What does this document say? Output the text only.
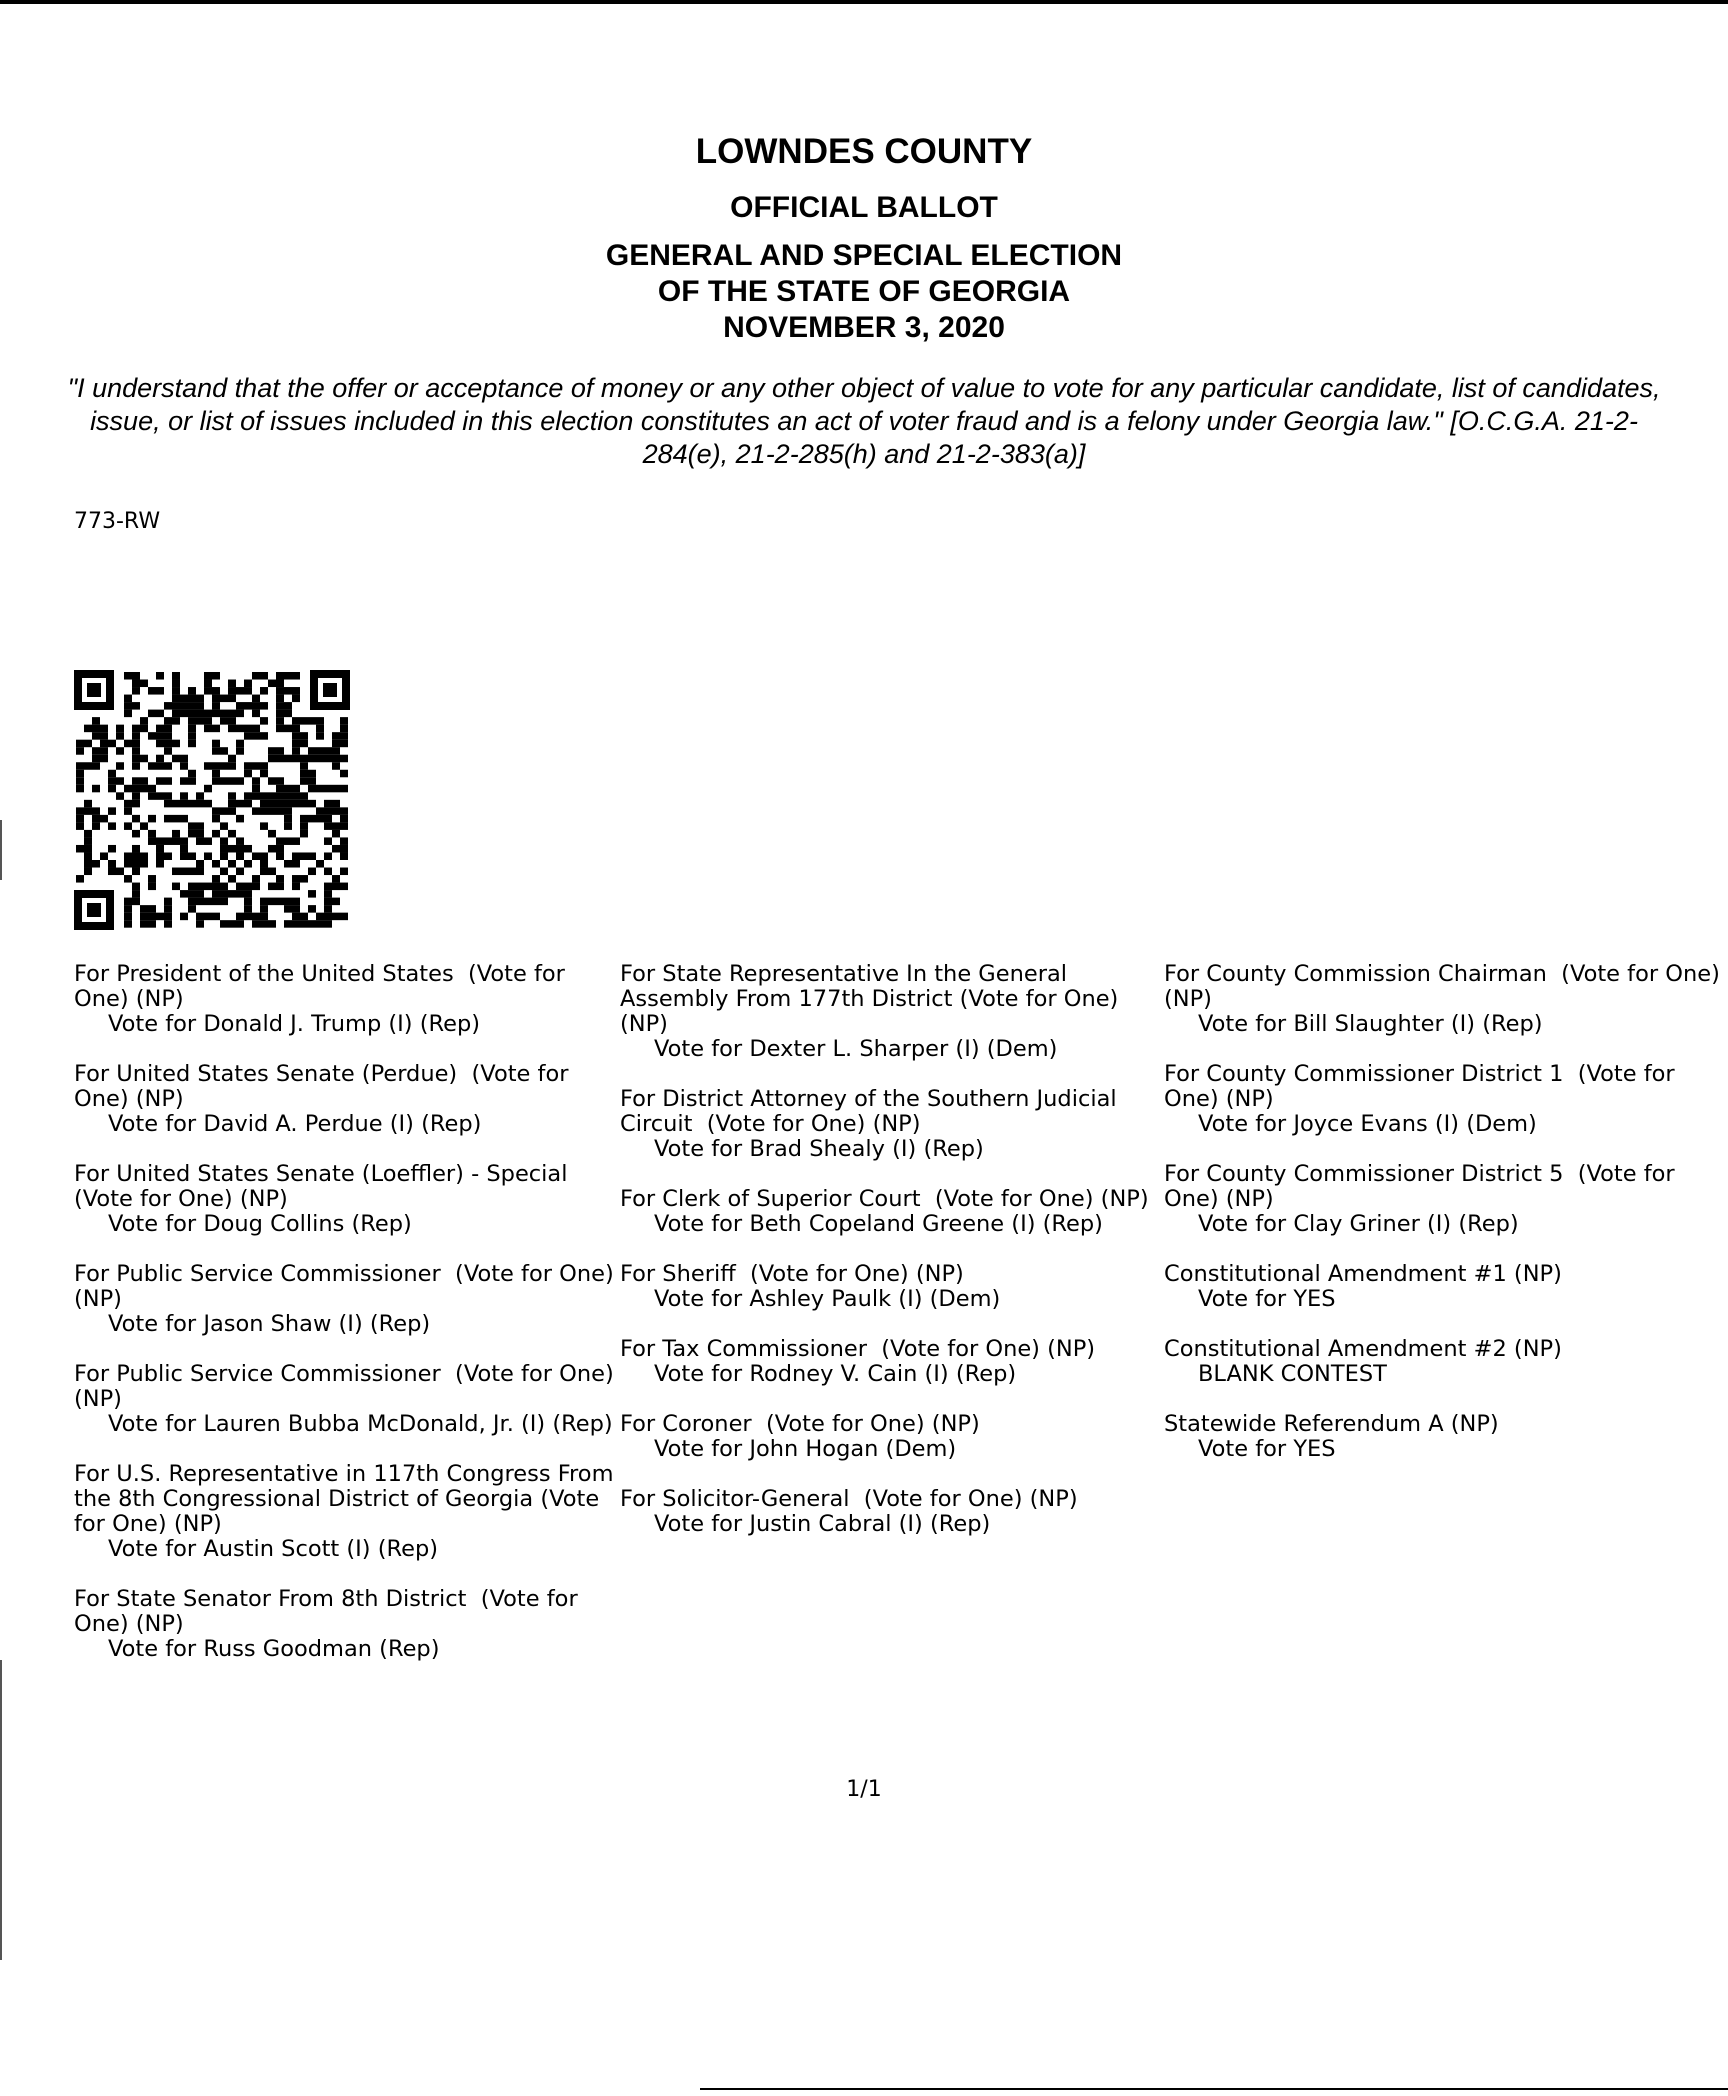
LOWNDES COUNTY
OFFICIAL BALLOT
GENERAL AND SPECIAL ELECTION
OF THE STATE OF GEORGIA
NOVEMBER 3, 2020
"I understand that the offer or acceptance of money or any other object of value to vote for any particular candidate, list of candidates, issue, or list of issues included in this election constitutes an act of voter fraud and is a felony under Georgia law." [O.C.G.A. 21-2-284(e), 21-2-285(h) and 21-2-383(a)]
773-RW
For President of the United States  (Vote for One) (NP)
Vote for Donald J. Trump (I) (Rep)
For United States Senate (Perdue)  (Vote for One) (NP)
Vote for David A. Perdue (I) (Rep)
For United States Senate (Loeffler) - Special  (Vote for One) (NP)
Vote for Doug Collins (Rep)
For Public Service Commissioner  (Vote for One) (NP)
Vote for Jason Shaw (I) (Rep)
For Public Service Commissioner  (Vote for One) (NP)
Vote for Lauren Bubba McDonald, Jr. (I) (Rep)
For U.S. Representative in 117th Congress From the 8th Congressional District of Georgia (Vote for One) (NP)
Vote for Austin Scott (I) (Rep)
For State Senator From 8th District  (Vote for One) (NP)
Vote for Russ Goodman (Rep)
For State Representative In the General Assembly From 177th District (Vote for One) (NP)
Vote for Dexter L. Sharper (I) (Dem)
For District Attorney of the Southern Judicial Circuit  (Vote for One) (NP)
Vote for Brad Shealy (I) (Rep)
For Clerk of Superior Court  (Vote for One) (NP)
Vote for Beth Copeland Greene (I) (Rep)
For Sheriff  (Vote for One) (NP)
Vote for Ashley Paulk (I) (Dem)
For Tax Commissioner  (Vote for One) (NP)
Vote for Rodney V. Cain (I) (Rep)
For Coroner  (Vote for One) (NP)
Vote for John Hogan (Dem)
For Solicitor-General  (Vote for One) (NP)
Vote for Justin Cabral (I) (Rep)
For County Commission Chairman  (Vote for One) (NP)
Vote for Bill Slaughter (I) (Rep)
For County Commissioner District 1  (Vote for One) (NP)
Vote for Joyce Evans (I) (Dem)
For County Commissioner District 5  (Vote for One) (NP)
Vote for Clay Griner (I) (Rep)
Constitutional Amendment #1 (NP)
Vote for YES
Constitutional Amendment #2 (NP)
BLANK CONTEST
Statewide Referendum A (NP)
Vote for YES
1/1
